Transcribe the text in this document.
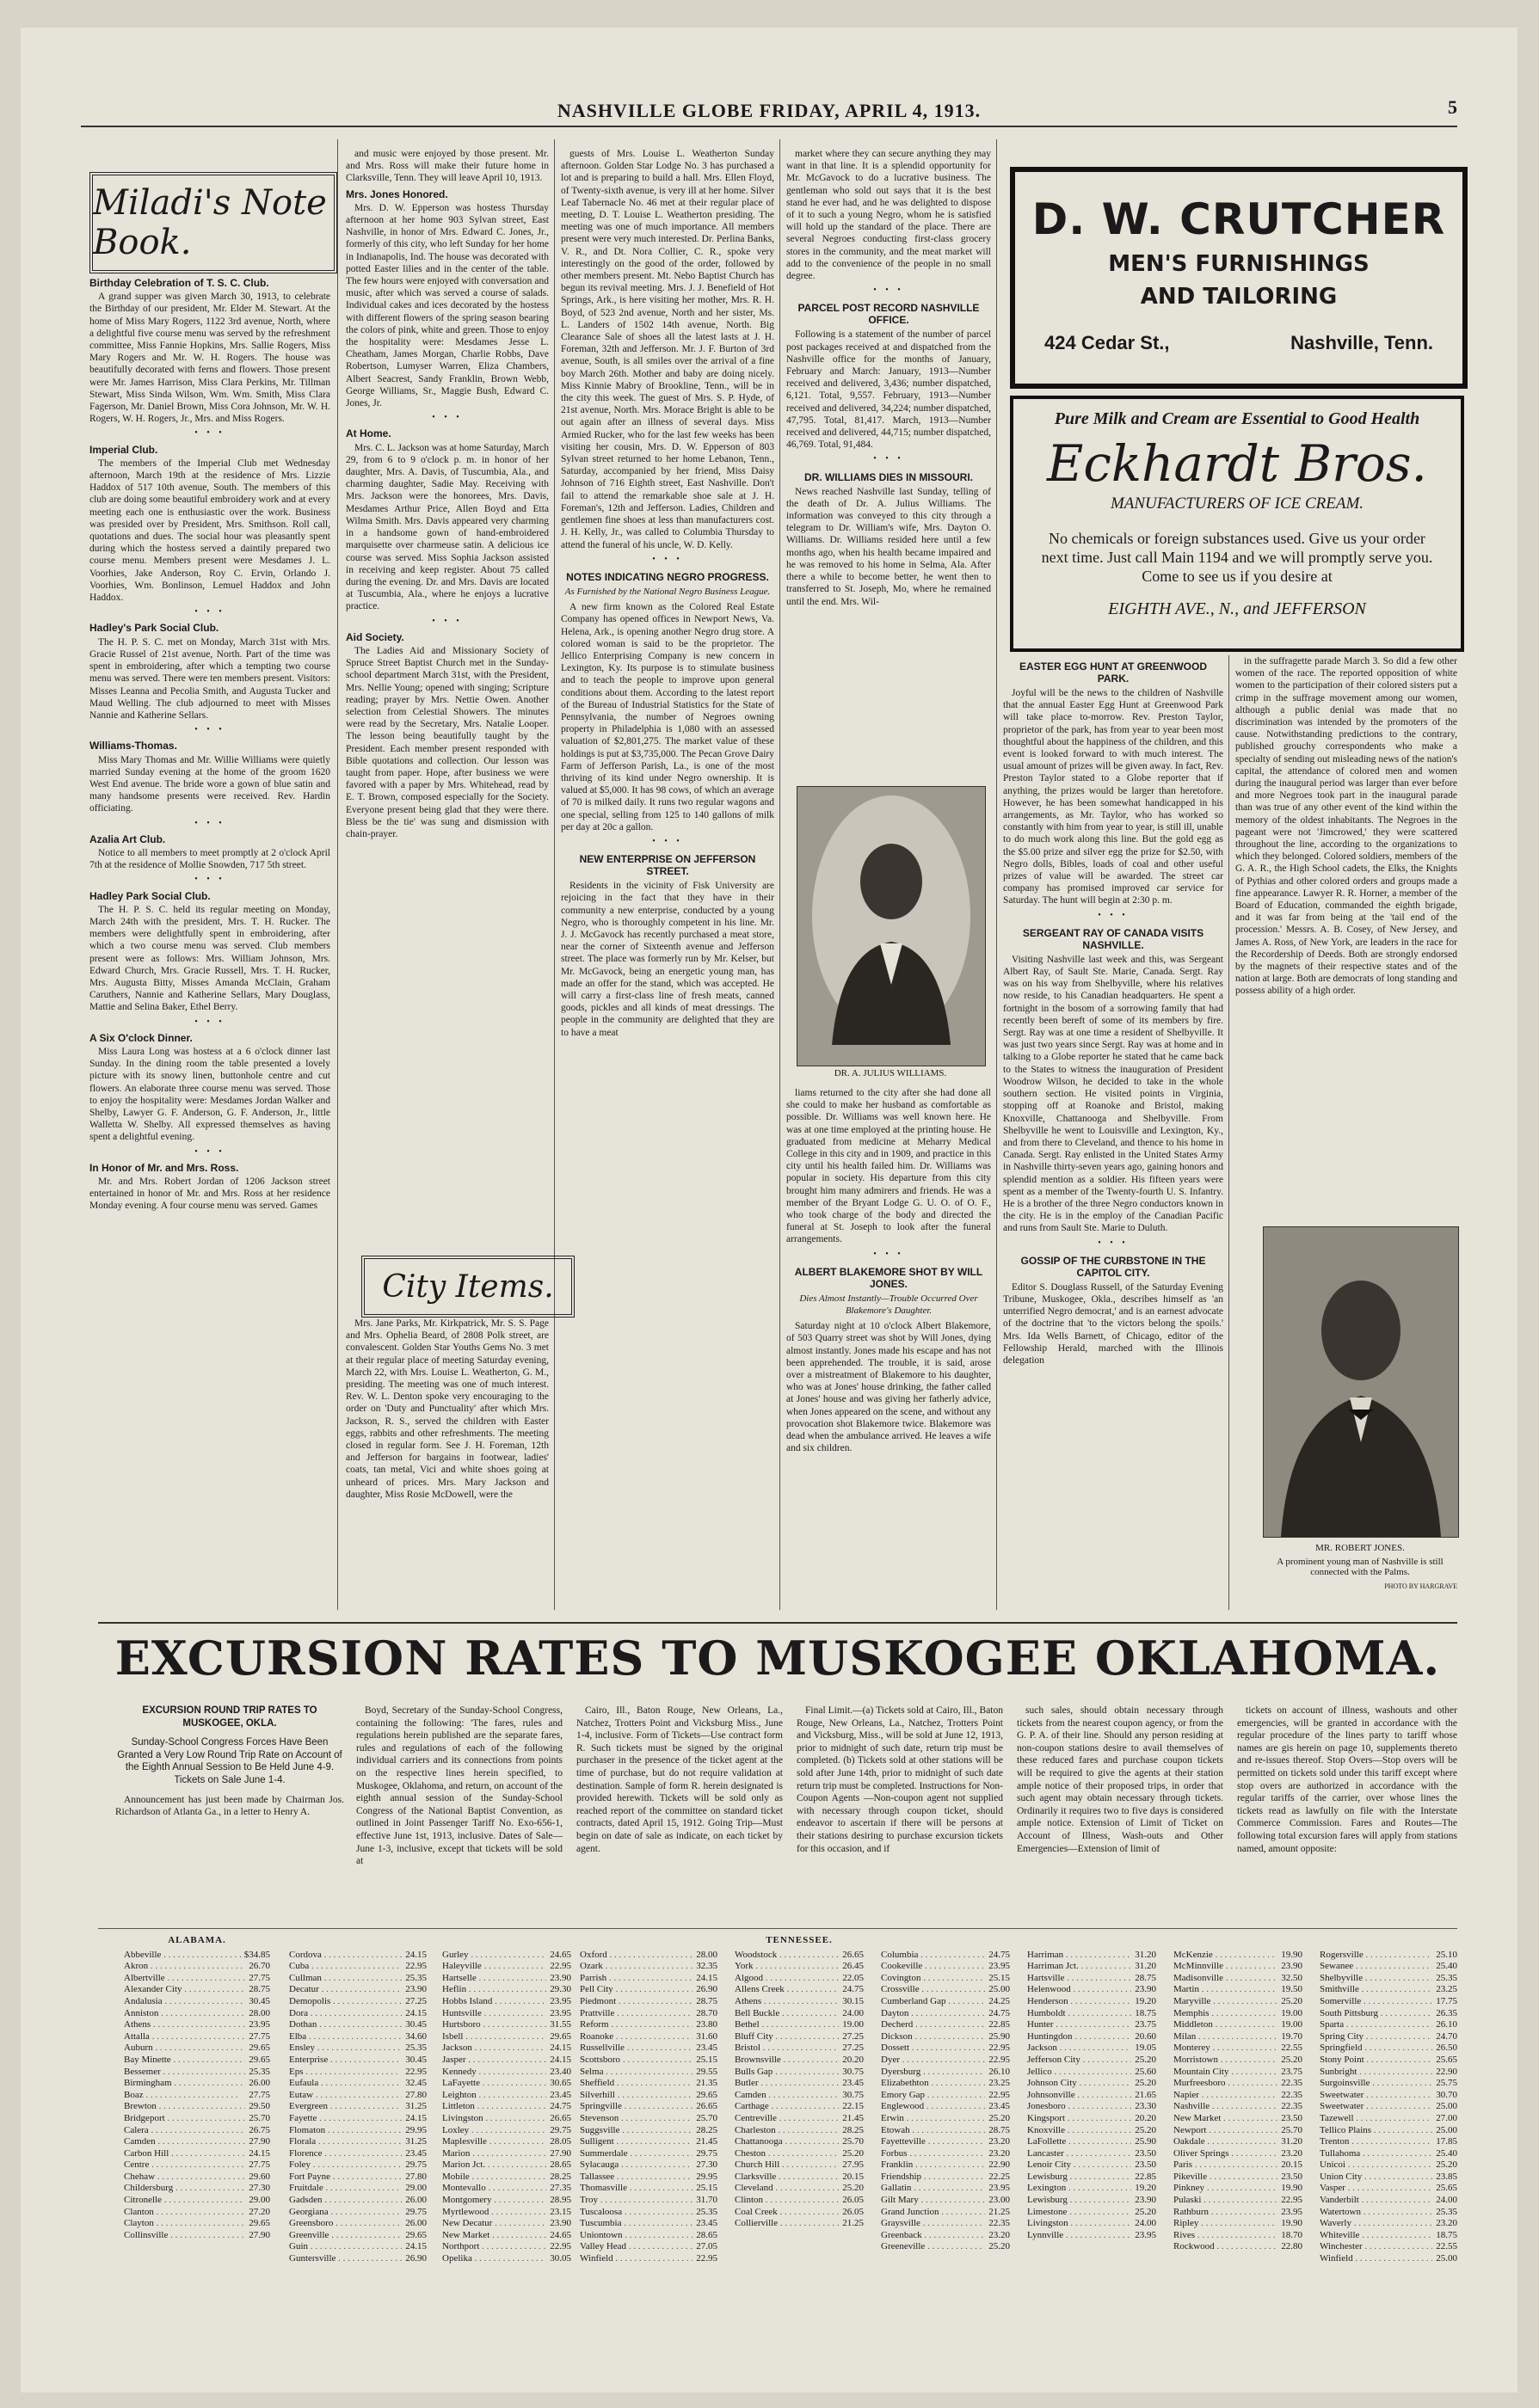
NASHVILLE GLOBE FRIDAY, APRIL 4, 1913.	5
Miladi's Note Book.
Birthday Celebration of T. S. C. Club.

A grand supper was given March 30, 1913, to celebrate the Birthday of our president, Mr. Elder M. Stewart. At the home of Miss Mary Rogers, 1122 3rd avenue, North, where a delightful five course menu was served by the refreshment committee, Miss Fannie Hopkins, Mrs. Sallie Rogers, Miss Mary Rogers and Mr. W. H. Rogers. The house was beautifully decorated with ferns and flowers. Those present were Mr. James Harrison, Miss Clara Perkins, Mr. Tillman Stewart, Miss Sinda Wilson, Wm. Wm. Smith, Miss Clara Fagerson, Mr. Daniel Brown, Miss Cora Johnson, Mr. W. H. Rogers, W. H. Rogers, Jr., Mrs. and Miss Rogers.

• • •
Imperial Club.

The members of the Imperial Club met Wednesday afternoon, March 19th at the residence of Mrs. Lizzie Haddox of 517 10th avenue, South. The members of this club are doing some beautiful embroidery work and at every meeting each one is enthusiastic over the work. Business was presided over by President, Mrs. Smithson. Roll call, quotations and dues. The social hour was pleasantly spent during which the hostess served a daintily prepared two course menu. Members present were Mesdames J. L. Voorhies, Jake Anderson, Roy C. Ervin, Orlando J. Voorhies, Wm. Bonlinson, Lemuel Haddox and John Haddox.

• • •
Hadley's Park Social Club.

The H. P. S. C. met on Monday, March 31st with Mrs. Gracie Russel of 21st avenue, North. Part of the time was spent in embroidering, after which a tempting two course menu was served. There were ten members present. Visitors: Misses Leanna and Pecolia Smith, and Augusta Tucker and Maud Welling. The club adjourned to meet with Misses Nannie and Katherine Sellars.

• • •
Williams-Thomas.

Miss Mary Thomas and Mr. Willie Williams were quietly married Sunday evening at the home of the groom 1620 West End avenue. The bride wore a gown of blue satin and many handsome presents were received. Rev. Hardin officiating.

• • •
Azalia Art Club.

Notice to all members to meet promptly at 2 o'clock April 7th at the residence of Mollie Snowden, 717 5th street.

• • •
Hadley Park Social Club.

The H. P. S. C. held its regular meeting on Monday, March 24th with the president, Mrs. T. H. Rucker. The members were delightfully spent in embroidering, after which a two course menu was served. Club members present were as follows: Mrs. William Johnson, Mrs. Edward Church, Mrs. Gracie Russell, Mrs. T. H. Rucker, Mrs. Augusta Bitty, Misses Amanda McClain, Graham Caruthers, Nannie and Katherine Sellars, Mary Douglass, Mattie and Selina Baker, Ethel Berry.

• • •
A Six O'clock Dinner.

Miss Laura Long was hostess at a 6 o'clock dinner last Sunday. In the dining room the table presented a lovely picture with its snowy linen, buttonhole centre and cut flowers. An elaborate three course menu was served. Those to enjoy the hospitality were: Mesdames Jordan Walker and Shelby, Lawyer G. F. Anderson, G. F. Anderson, Jr., little Walletta W. Shelby. All expressed themselves as having spent a delightful evening.

• • •
In Honor of Mr. and Mrs. Ross.

Mr. and Mrs. Robert Jordan of 1206 Jackson street entertained in honor of Mr. and Mrs. Ross at her residence Monday evening. A four course menu was served. Games

and music were enjoyed by those present. Mr. and Mrs. Ross will make their future home in Clarksville, Tenn. They will leave April 10, 1913.

Mrs. Jones Honored.

Mrs. D. W. Epperson was hostess Thursday afternoon at her home 903 Sylvan street, East Nashville, in honor of Mrs. Edward C. Jones, Jr., formerly of this city, who left Sunday for her home in Indianapolis, Ind. The house was decorated with potted Easter lilies and in the center of the table. The few hours were enjoyed with conversation and music, after which was served a course of salads. Individual cakes and ices decorated by the hostess with different flowers of the spring season bearing the colors of pink, white and green. Those to enjoy the hospitality were: Mesdames Jesse L. Cheatham, James Morgan, Charlie Robbs, Dave Robertson, Lumyser Warren, Eliza Chambers, Albert Seacrest, Sandy Franklin, Brown Webb, George Williams, Sr., Maggie Bush, Edward C. Jones, Jr.

• • •
At Home.

Mrs. C. L. Jackson was at home Saturday, March 29, from 6 to 9 o'clock p. m. in honor of her daughter, Mrs. A. Davis, of Tuscumbia, Ala., and charming daughter, Sadie May. Receiving with Mrs. Jackson were the honorees, Mrs. Davis, Mesdames Arthur Price, Allen Boyd and Etta Wilma Smith. Mrs. Davis appeared very charming in a handsome gown of hand-embroidered marquisette over charmeuse satin. A delicious ice course was served. Miss Sophia Jackson assisted in receiving and keep register. About 75 called during the evening. Dr. and Mrs. Davis are located at Tuscumbia, Ala., where he enjoys a lucrative practice.

• • •
Aid Society.

The Ladies Aid and Missionary Society of Spruce Street Baptist Church met in the Sunday-school department March 31st, with the President, Mrs. Nellie Young; opened with singing; Scripture reading; prayer by Mrs. Nettie Owen. Another selection from Celestial Showers. The minutes were read by the Secretary, Mrs. Natalie Looper. The lesson being beautifully taught by the President. Each member present responded with Bible quotations and collection. Our lesson was taught from paper. Hope, after business we were favored with a paper by Mrs. Whitehead, read by E. T. Brown, composed especially for the Society. Everyone present being glad that they were there. Bless be the tie' was sung and dismission with chain-prayer.

City Items.

Mrs. Jane Parks, Mr. Kirkpatrick, Mr. S. S. Page and Mrs. Ophelia Beard, of 2808 Polk street, are convalescent. Golden Star Youths Gems No. 3 met at their regular place of meeting Saturday evening, March 22, with Mrs. Louise L. Weatherton, G. M., presiding. The meeting was one of much interest. Rev. W. L. Denton spoke very encouraging to the order on 'Duty and Punctuality' after which Mrs. Jackson, R. S., served the children with Easter eggs, rabbits and other refreshments. The meeting closed in regular form. See J. H. Foreman, 12th and Jefferson for bargains in footwear, ladies' coats, tan metal, Vici and white shoes going at unheard of prices. Mrs. Mary Jackson and daughter, Miss Rosie McDowell, were the

guests of Mrs. Louise L. Weatherton Sunday afternoon. Golden Star Lodge No. 3 has purchased a lot and is preparing to build a hall. Mrs. Ellen Floyd, of Twenty-sixth avenue, is very ill at her home. Silver Leaf Tabernacle No. 46 met at their regular place of meeting, D. T. Louise L. Weatherton presiding. The meeting was one of much importance. All members present were very much interested. Dr. Perlina Banks, V. R., and Dt. Nora Collier, C. R., spoke very interestingly on the good of the order, followed by other members present. Mt. Nebo Baptist Church has begun its revival meeting. Mrs. J. J. Benefield of Hot Springs, Ark., is here visiting her mother, Mrs. R. H. Boyd, of 523 2nd avenue, North and her sister, Ms. L. Landers of 1502 14th avenue, North. Big Clearance Sale of shoes all the latest lasts at J. H. Foreman, 32th and Jefferson. Mr. J. F. Burton of 3rd avenue, South, is all smiles over the arrival of a fine boy March 26th. Mother and baby are doing nicely. Miss Kinnie Mabry of Brookline, Tenn., will be in the city this week. The guest of Mrs. S. P. Hyde, of 21st avenue, North. Mrs. Morace Bright is able to be out again after an illness of several days. Miss Armied Rucker, who for the last few weeks has been visiting her cousin, Mrs. D. W. Epperson of 803 Sylvan street returned to her home Lebanon, Tenn., Saturday, accompanied by her friend, Miss Daisy Johnson of 716 Eighth street, East Nashville. Don't fail to attend the remarkable shoe sale at J. H. Foreman's, 12th and Jefferson. Ladies, Children and gentlemen fine shoes at less than manufacturers cost. J. H. Kelly, Jr., was called to Columbia Thursday to attend the funeral of his uncle, W. D. Kelly.

• • •
NOTES INDICATING NEGRO PROGRESS.
As Furnished by the National Negro Business League.

A new firm known as the Colored Real Estate Company has opened offices in Newport News, Va. Helena, Ark., is opening another Negro drug store. A colored woman is said to be the proprietor. The Jellico Enterprising Company is new concern in Lexington, Ky. Its purpose is to stimulate business and to teach the people to improve upon general conditions about them. According to the latest report of the Bureau of Industrial Statistics for the State of Pennsylvania, the number of Negroes owning property in Philadelphia is 1,080 with an assessed valuation of $2,801,275. The market value of these holdings is put at $3,735,000. The Pecan Grove Dairy Farm of Jefferson Parish, La., is one of the most thriving of its kind under Negro ownership. It is valued at $5,000. It has 98 cows, of which an average of 70 is milked daily. It runs two regular wagons and one special, selling from 125 to 140 gallons of milk per day at 20c a gallon.

• • •
NEW ENTERPRISE ON JEFFERSON STREET.

Residents in the vicinity of Fisk University are rejoicing in the fact that they have in their community a new enterprise, conducted by a young Negro, who is thoroughly competent in his line. Mr. J. J. McGavock has recently purchased a meat store, near the corner of Sixteenth avenue and Jefferson street. The place was formerly run by Mr. Kelser, but Mr. McGavock, being an energetic young man, has made an offer for the stand, which was accepted. He will carry a first-class line of fresh meats, canned goods, pickles and all kinds of meat dressings. The people in the community are delighted that they are to have a meat

market where they can secure anything they may want in that line. It is a splendid opportunity for Mr. McGavock to do a lucrative business. The gentleman who sold out says that it is the best stand he ever had, and he was delighted to dispose of it to such a young Negro, whom he is satisfied will hold up the standard of the place. There are several Negroes conducting first-class grocery stores in the community, and the meat market will add to the convenience of the people in no small degree.

• • •
PARCEL POST RECORD NASHVILLE OFFICE.

Following is a statement of the number of parcel post packages received at and dispatched from the Nashville office for the months of January, February and March: January, 1913—Number received and delivered, 3,436; number dispatched, 6,121. Total, 9,557. February, 1913—Number received and delivered, 34,224; number dispatched, 47,795. Total, 81,417. March, 1913—Number received and delivered, 44,715; number dispatched, 46,769. Total, 91,484.

• • •
DR. WILLIAMS DIES IN MISSOURI.

News reached Nashville last Sunday, telling of the death of Dr. A. Julius Williams. The information was conveyed to this city through a telegram to Dr. William's wife, Mrs. Dayton O. Williams. Dr. Williams resided here until a few months ago, when his health became impaired and he was removed to his home in Selma, Ala. After there a while to become better, he went then to transferred to St. Joseph, Mo, where he remained until the end. Mrs. Wil-

DR. A. JULIUS WILLIAMS.

liams returned to the city after she had done all she could to make her husband as comfortable as possible. Dr. Williams was well known here. He was at one time employed at the printing house. He graduated from medicine at Meharry Medical College in this city and in 1909, and practice in this city until his health failed him. Dr. Williams was popular in society. His departure from this city brought him many admirers and friends. He was a member of the Bryant Lodge G. U. O. of O. F., who took charge of the body and directed the funeral at St. Joseph to look after the funeral arrangements.

• • •
ALBERT BLAKEMORE SHOT BY WILL JONES.
Dies Almost Instantly—Trouble Occurred Over Blakemore's Daughter.

Saturday night at 10 o'clock Albert Blakemore, of 503 Quarry street was shot by Will Jones, dying almost instantly. Jones made his escape and has not been apprehended. The trouble, it is said, arose over a mistreatment of Blakemore to his daughter, who was at Jones' house drinking, the father called at Jones' house and was giving her fatherly advice, when Jones appeared on the scene, and without any provocation shot Blakemore twice. Blakemore was dead when the ambulance arrived. He leaves a wife and six children.

D. W. CRUTCHER
MEN'S FURNISHINGS
AND TAILORING
424 Cedar St.,	Nashville, Tenn.
Pure Milk and Cream are Essential to Good Health
Eckhardt Bros.
MANUFACTURERS OF ICE CREAM.
No chemicals or foreign substances used. Give us your order next time. Just call Main 1194 and we will promptly serve you. Come to see us if you desire at
EIGHTH AVE., N., and JEFFERSON
EASTER EGG HUNT AT GREENWOOD PARK.

Joyful will be the news to the children of Nashville that the annual Easter Egg Hunt at Greenwood Park will take place to-morrow. Rev. Preston Taylor, proprietor of the park, has from year to year been most thoughtful about the happiness of the children, and this event is looked forward to with much interest. The usual amount of prizes will be given away. In fact, Rev. Preston Taylor stated to a Globe reporter that if anything, the prizes would be larger than heretofore. However, he has been somewhat handicapped in his arrangements, as Mr. Taylor, who has worked so constantly with him from year to year, is still ill, unable to do much work along this line. But the gold egg as the $5.00 prize and silver egg the prize for $2.50, with Negro dolls, Bibles, loads of coal and other useful prizes of value will be awarded. The street car company has promised improved car service for Saturday. The hunt will begin at 2:30 p. m.

• • •
SERGEANT RAY OF CANADA VISITS NASHVILLE.

Visiting Nashville last week and this, was Sergeant Albert Ray, of Sault Ste. Marie, Canada. Sergt. Ray was on his way from Shelbyville, where his relatives now reside, to his Canadian headquarters. He spent a fortnight in the bosom of a sorrowing family that had recently been bereft of some of its members by fire. Sergt. Ray was at one time a resident of Shelbyville. It was just two years since Sergt. Ray was at home and in talking to a Globe reporter he stated that he came back to the States to witness the inauguration of President Woodrow Wilson, he decided to take in the whole southern section. He visited points in Virginia, stopping off at Roanoke and Bristol, making Knoxville, Chattanooga and Shelbyville. From Shelbyville he went to Louisville and Lexington, Ky., and from there to Cleveland, and thence to his home in Canada. Sergt. Ray enlisted in the United States Army in Nashville thirty-seven years ago, gaining honors and splendid mention as a soldier. His fifteen years were spent as a member of the Twenty-fourth U. S. Infantry. He is a brother of the three Negro conductors known in the city. He is in the employ of the Canadian Pacific and runs from Sault Ste. Marie to Duluth.

• • •
GOSSIP OF THE CURBSTONE IN THE CAPITOL CITY.

Editor S. Douglass Russell, of the Saturday Evening Tribune, Muskogee, Okla., describes himself as 'an unterrified Negro democrat,' and is an earnest advocate of the doctrine that 'to the victors belong the spoils.' Mrs. Ida Wells Barnett, of Chicago, editor of the Fellowship Herald, marched with the Illinois delegation

in the suffragette parade March 3. So did a few other women of the race. The reported opposition of white women to the participation of their colored sisters put a crimp in the suffrage movement among our women, although a public denial was made that no discrimination was intended by the promoters of the cause. Notwithstanding predictions to the contrary, published grouchy correspondents who make a specialty of sending out misleading news of the nation's capital, the attendance of colored men and women during the inaugural period was larger than ever before and more Negroes took part in the inaugural parade than was true of any other event of the kind within the memory of the oldest inhabitants. The Negroes in the pageant were not 'Jimcrowed,' they were scattered throughout the line, according to the organizations to which they belonged. Colored soldiers, members of the G. A. R., the High School cadets, the Elks, the Knights of Pythias and other colored orders and groups made a fine appearance. Lawyer R. R. Horner, a member of the Board of Education, commanded the eighth brigade, and it was far from being at the 'tail end of the procession.' Messrs. A. B. Cosey, of New Jersey, and James A. Ross, of New York, are leaders in the race for the Recordership of Deeds. Both are strongly endorsed by the magnets of their respective states and of the nation at large. Both are democrats of long standing and possess ability of a high order.

MR. ROBERT JONES.
A prominent young man of Nashville is still connected with the Palms.
PHOTO BY HARGRAVE
EXCURSION RATES TO MUSKOGEE OKLAHOMA.
EXCURSION ROUND TRIP RATES TO MUSKOGEE, OKLA.
Sunday-School Congress Forces Have Been Granted a Very Low Round Trip Rate on Account of the Eighth Annual Session to Be Held June 4-9. Tickets on Sale June 1-4.

Announcement has just been made by Chairman Jos. Richardson of Atlanta Ga., in a letter to Henry A.

Boyd, Secretary of the Sunday-School Congress, containing the following: 'The fares, rules and regulations herein published are the separate fares, rules and regulations of each of the following individual carriers and its connections from points on the respective lines herein specified, to Muskogee, Oklahoma, and return, on account of the eighth annual session of the Sunday-School Congress of the National Baptist Convention, as outlined in Joint Passenger Tariff No. Exo-656-1, effective June 1st, 1913, inclusive. Dates of Sale—June 1-3, inclusive, except that tickets will be sold at

Cairo, Ill., Baton Rouge, New Orleans, La., Natchez, Trotters Point and Vicksburg Miss., June 1-4, inclusive. Form of Tickets—Use contract form R. Such tickets must be signed by the original purchaser in the presence of the ticket agent at the time of purchase, but do not require validation at destination. Sample of form R. herein designated is provided herewith. Tickets will be sold only as reached report of the committee on standard ticket contracts, dated April 15, 1912. Going Trip—Must begin on date of sale as indicate, on each ticket by agent.

Final Limit.—(a) Tickets sold at Cairo, Ill., Baton Rouge, New Orleans, La., Natchez, Trotters Point and Vicksburg, Miss., will be sold at June 12, 1913, prior to midnight of such date, return trip must be completed. (b) Tickets sold at other stations will be sold after June 14th, prior to midnight of such date return trip must be completed. Instructions for Non-Coupon Agents —Non-coupon agent not supplied with necessary through coupon ticket, should endeavor to ascertain if there will be persons at their stations desiring to purchase excursion tickets for this occasion, and if

such sales, should obtain necessary through tickets from the nearest coupon agency, or from the G. P. A. of their line. Should any person residing at non-coupon stations desire to avail themselves of these reduced fares and purchase coupon tickets will be required to give the agents at their station ample notice of their proposed trips, in order that such agent may obtain necessary through tickets. Ordinarily it requires two to five days is considered ample notice. Extension of Limit of Ticket on Account of Illness, Wash-outs and Other Emergencies—Extension of limit of

tickets on account of illness, washouts and other emergencies, will be granted in accordance with the regular procedure of the lines party to tariff whose names are gis herein on page 10, supplements thereto and re-issues thereof. Stop Overs—Stop overs will be permitted on tickets sold under this tariff except where stop overs are authorized in accordance with the regular tariffs of the carrier, over whose lines the tickets read as lawfully on file with the Interstate Commerce Commission. Fares and Routes—The following total excursion fares will apply from stations named, amount opposite:

ALABAMA.
Abbeville . . .	$34.85
Akron . . .	26.70
Albertville . . .	27.75
Alexander City . . .	28.75
Andalusia . . .	30.45
Anniston . . .	28.00
Athens . . .	23.95
Attalla . . .	27.75
Auburn . . .	29.65
Bay Minette . . .	29.65
Bessemer . . .	25.35
Birmingham . . .	26.00
Boaz . . .	27.75
Brewton . . .	29.50
Bridgeport . . .	25.70
Calera . . .	26.75
Camden . . .	27.90
Carbon Hill . . .	24.15
Centre . . .	27.75
Chehaw . . .	29.60
Childersburg . . .	27.30
Citronelle . . .	29.00
Clanton . . .	27.20
Clayton . . .	29.65
Collinsville . . .	27.90

Cordova . . .	24.15
Cuba . . .	22.95
Cullman . . .	25.35
Decatur . . .	23.90
Demopolis . . .	27.25
Dora . . .	24.15
Dothan . . .	30.45
Elba . . .	34.60
Ensley . . .	25.35
Enterprise . . .	30.45
Eps . . .	22.95
Eufaula . . .	32.45
Eutaw . . .	27.80
Evergreen . . .	31.25
Fayette . . .	24.15
Flomaton . . .	29.95
Florala . . .	31.25
Florence . . .	23.45
Foley . . .	29.75
Fort Payne . . .	27.80
Fruitdale . . .	29.00
Gadsden . . .	26.00
Georgiana . . .	29.75
Greensboro . . .	26.00
Greenville . . .	29.65
Guin . . .	24.15
Guntersville . . .	26.90

Gurley . . .	24.65
Haleyville . . .	22.95
Hartselle . . .	23.90
Heflin . . .	29.30
Hobbs Island . . .	23.95
Huntsville . . .	23.95
Hurtsboro . . .	31.55
Isbell . . .	29.65
Jackson . . .	24.15
Jasper . . .	24.15
Kennedy . . .	23.40
LaFayette . . .	30.65
Leighton . . .	23.45
Littleton . . .	24.75
Livingston . . .	26.65
Loxley . . .	29.75
Maplesville . . .	28.05
Marion . . .	27.90
Marion Jct. . . .	28.65
Mobile . . .	28.25
Montevallo . . .	27.35
Montgomery . . .	28.95
Myrtlewood . . .	23.15
New Decatur . . .	23.90
New Market . . .	24.65
Northport . . .	22.95
Opelika . . .	30.05

Oxford . . .	28.00
Ozark . . .	32.35
Parrish . . .	24.15
Pell City . . .	26.90
Piedmont . . .	28.75
Prattville . . .	28.70
Reform . . .	23.80
Roanoke . . .	31.60
Russellville . . .	23.45
Scottsboro . . .	25.15
Selma . . .	29.55
Sheffield . . .	21.35
Silverhill . . .	29.65
Springville . . .	26.65
Stevenson . . .	25.70
Suggsville . . .	28.25
Sulligent . . .	21.45
Summerdale . . .	29.75
Sylacauga . . .	27.30
Tallassee . . .	29.95
Thomasville . . .	25.15
Troy . . .	31.70
Tuscaloosa . . .	25.35
Tuscumbia . . .	23.45
Uniontown . . .	28.65
Valley Head . . .	27.05
Winfield . . .	22.95
TENNESSEE.
Woodstock . . .	26.65
York . . .	26.45
Algood . . .	22.05
Allens Creek . . .	24.75
Athens . . .	30.15
Bell Buckle . . .	24.00
Bethel . . .	19.00
Bluff City . . .	27.25
Bristol . . .	27.25
Brownsville . . .	20.20
Bulls Gap . . .	30.75
Butler . . .	23.45
Camden . . .	30.75
Carthage . . .	22.15
Centreville . . .	21.45
Charleston . . .	28.25
Chattanooga . . .	25.70
Cheston . . .	25.20
Church Hill . . .	27.95
Clarksville . . .	20.15
Cleveland . . .	25.20
Clinton . . .	26.05
Coal Creek . . .	26.05
Collierville . . .	21.25

Columbia . . .	24.75
Cookeville . . .	23.95
Covington . . .	25.15
Crossville . . .	25.00
Cumberland Gap . . .	24.25
Dayton . . .	24.75
Decherd . . .	22.85
Dickson . . .	25.90
Dossett . . .	22.95
Dyer . . .	22.95
Dyersburg . . .	26.10
Elizabethton . . .	23.25
Emory Gap . . .	22.95
Englewood . . .	23.45
Erwin . . .	25.20
Etowah . . .	28.75
Fayetteville . . .	23.20
Forbus . . .	23.20
Franklin . . .	22.90
Friendship . . .	22.25
Gallatin . . .	23.95
Gilt Mary . . .	23.00
Grand Junction . . .	21.25
Graysville . . .	22.35
Greenback . . .	23.20
Greeneville . . .	25.20

Harriman . . .	31.20
Harriman Jct. . . .	31.20
Hartsville . . .	28.75
Helenwood . . .	23.90
Henderson . . .	19.20
Humboldt . . .	18.75
Hunter . . .	23.75
Huntingdon . . .	20.60
Jackson . . .	19.05
Jefferson City . . .	25.20
Jellico . . .	25.60
Johnson City . . .	25.20
Johnsonville . . .	21.65
Jonesboro . . .	23.30
Kingsport . . .	20.20
Knoxville . . .	25.20
LaFollette . . .	25.90
Lancaster . . .	23.50
Lenoir City . . .	23.50
Lewisburg . . .	22.85
Lexington . . .	19.20
Lewisburg . . .	23.90
Limestone . . .	25.20
Livingston . . .	24.00
Lynnville . . .	23.95

McKenzie . . .	19.90
McMinnville . . .	23.90
Madisonville . . .	32.50
Martin . . .	19.50
Maryville . . .	25.20
Memphis . . .	19.00
Middleton . . .	19.00
Milan . . .	19.70
Monterey . . .	22.55
Morristown . . .	25.20
Mountain City . . .	23.75
Murfreesboro . . .	22.35
Napier . . .	22.35
Nashville . . .	22.35
New Market . . .	23.50
Newport . . .	25.70
Oakdale . . .	31.20
Oliver Springs . . .	23.20
Paris . . .	20.15
Pikeville . . .	23.50
Pinkney . . .	19.90
Pulaski . . .	22.95
Rathburn . . .	23.95
Ripley . . .	19.90
Rives . . .	18.70
Rockwood . . .	22.80

Rogersville . . .	25.10
Sewanee . . .	25.40
Shelbyville . . .	25.35
Smithville . . .	23.25
Somerville . . .	17.75
South Pittsburg . . .	26.35
Sparta . . .	26.10
Spring City . . .	24.70
Springfield . . .	26.50
Stony Point . . .	25.65
Sunbright . . .	22.90
Surgoinsville . . .	25.75
Sweetwater . . .	30.70
Sweetwater . . .	25.00
Tazewell . . .	27.00
Tellico Plains . . .	25.00
Trenton . . .	17.85
Tullahoma . . .	25.40
Unicoi . . .	25.20
Union City . . .	23.85
Vasper . . .	25.65
Vanderbilt . . .	24.00
Watertown . . .	25.35
Waverly . . .	23.20
Whiteville . . .	18.75
Winchester . . .	22.55
Winfield . . .	25.00
